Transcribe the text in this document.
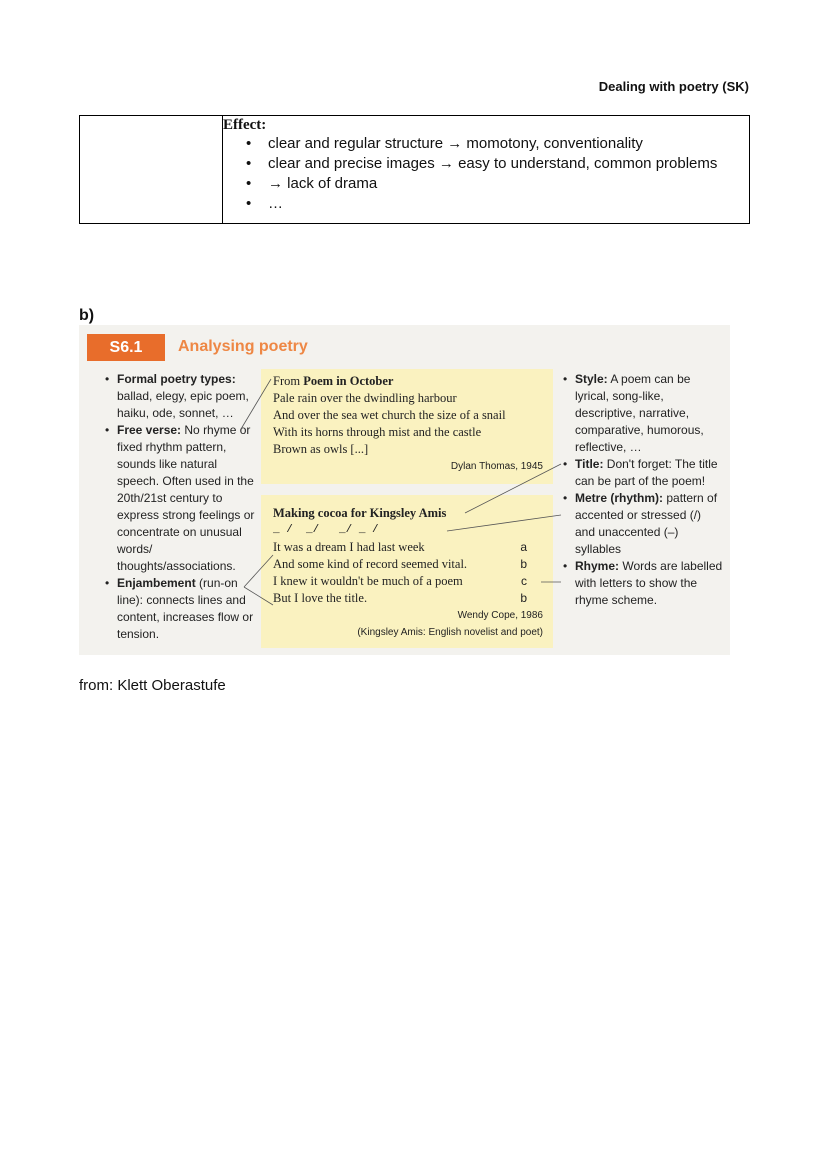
Dealing with poetry (SK)

Effect:
• clear and regular structure → momotony, conventionality
• clear and precise images → easy to understand, common problems
• → lack of drama
• …
b)
S6.1	Analysing poetry
• Formal poetry types: ballad, elegy, epic poem, haiku, ode, sonnet, …
• Free verse: No rhyme or fixed rhythm pattern, sounds like natural speech. Often used in the 20th/21st century to express strong feelings or concentrate on unusual words/ thoughts/associations.
• Enjambement (run-on line): connects lines and content, increases flow or tension.
From Poem in October
Pale rain over the dwindling harbour
And over the sea wet church the size of a snail
With its horns through mist and the castle
Brown as owls [...]
Dylan Thomas, 1945
Making cocoa for Kingsley Amis
_ /  _/   _/ _ /
It was a dream I had last week	a
And some kind of record seemed vital.	b
I knew it wouldn't be much of a poem	c
But I love the title.	b
Wendy Cope, 1986
(Kingsley Amis: English novelist and poet)
• Style: A poem can be lyrical, song-like, descriptive, narrative, comparative, humorous, reflective, …
• Title: Don't forget: The title can be part of the poem!
• Metre (rhythm): pattern of accented or stressed (/) and unaccented (–) syllables
• Rhyme: Words are labelled with letters to show the rhyme scheme.
from: Klett Oberastufe
